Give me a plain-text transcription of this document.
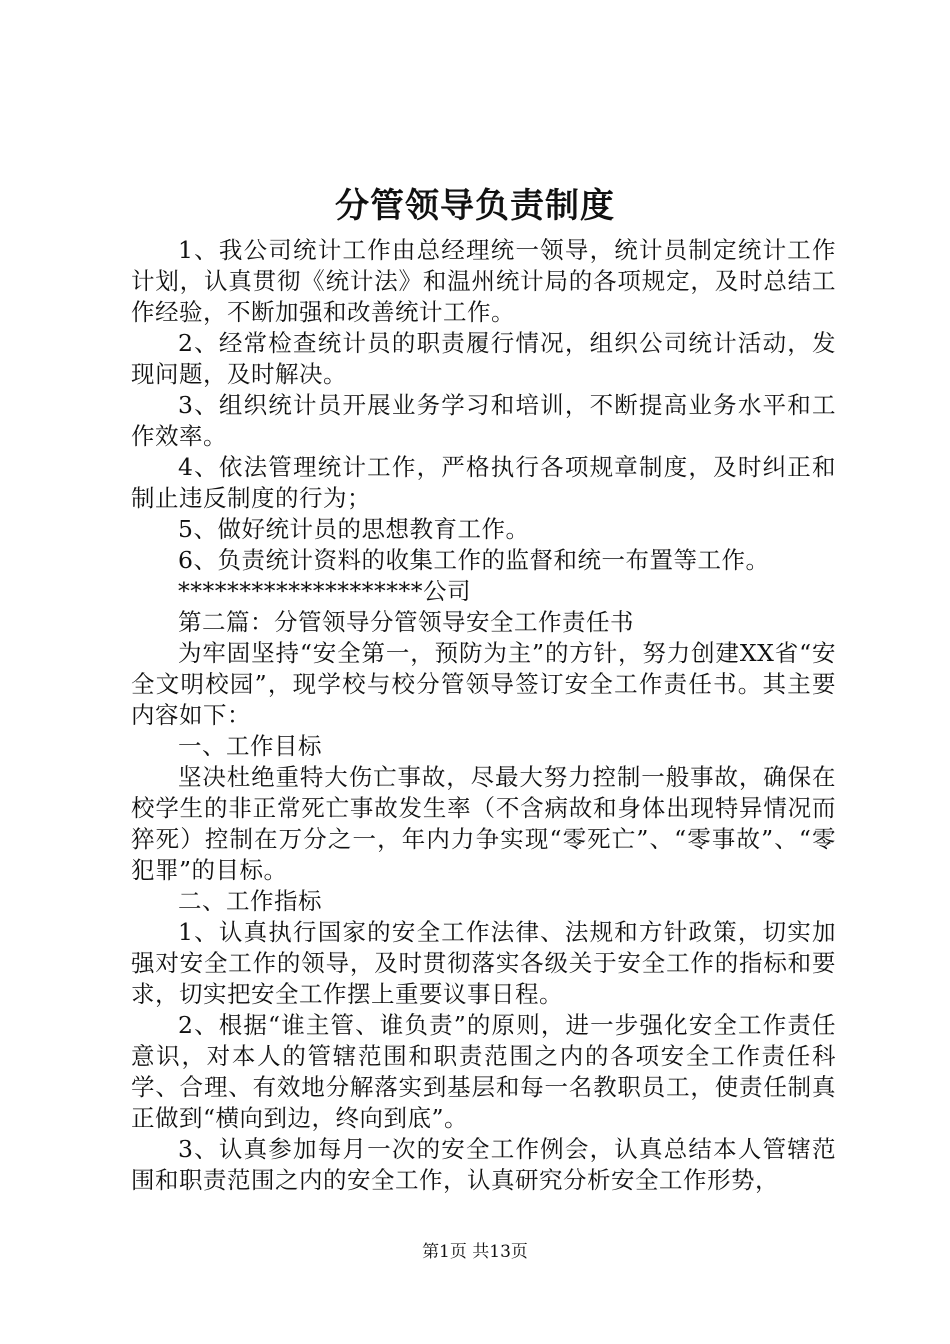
分管领导负责制度

1、我公司统计工作由总经理统一领导，统计员制定统计工作计划，认真贯彻《统计法》和温州统计局的各项规定，及时总结工作经验，不断加强和改善统计工作。

2、经常检查统计员的职责履行情况，组织公司统计活动，发现问题，及时解决。

3、组织统计员开展业务学习和培训，不断提高业务水平和工作效率。

4、依法管理统计工作，严格执行各项规章制度，及时纠正和制止违反制度的行为；

5、做好统计员的思想教育工作。

6、负责统计资料的收集工作的监督和统一布置等工作。

********************公司

第二篇：分管领导分管领导安全工作责任书

为牢固坚持“安全第一，预防为主”的方针，努力创建XX省“安全文明校园”，现学校与校分管领导签订安全工作责任书。其主要内容如下：

一、工作目标

坚决杜绝重特大伤亡事故，尽最大努力控制一般事故，确保在校学生的非正常死亡事故发生率（不含病故和身体出现特异情况而猝死）控制在万分之一，年内力争实现“零死亡”、“零事故”、“零犯罪”的目标。

二、工作指标

1、认真执行国家的安全工作法律、法规和方针政策，切实加强对安全工作的领导，及时贯彻落实各级关于安全工作的指标和要求，切实把安全工作摆上重要议事日程。

2、根据“谁主管、谁负责”的原则，进一步强化安全工作责任意识，对本人的管辖范围和职责范围之内的各项安全工作责任科学、合理、有效地分解落实到基层和每一名教职员工，使责任制真正做到“横向到边，终向到底”。

3、认真参加每月一次的安全工作例会，认真总结本人管辖范围和职责范围之内的安全工作，认真研究分析安全工作形势，

第1页 共13页
